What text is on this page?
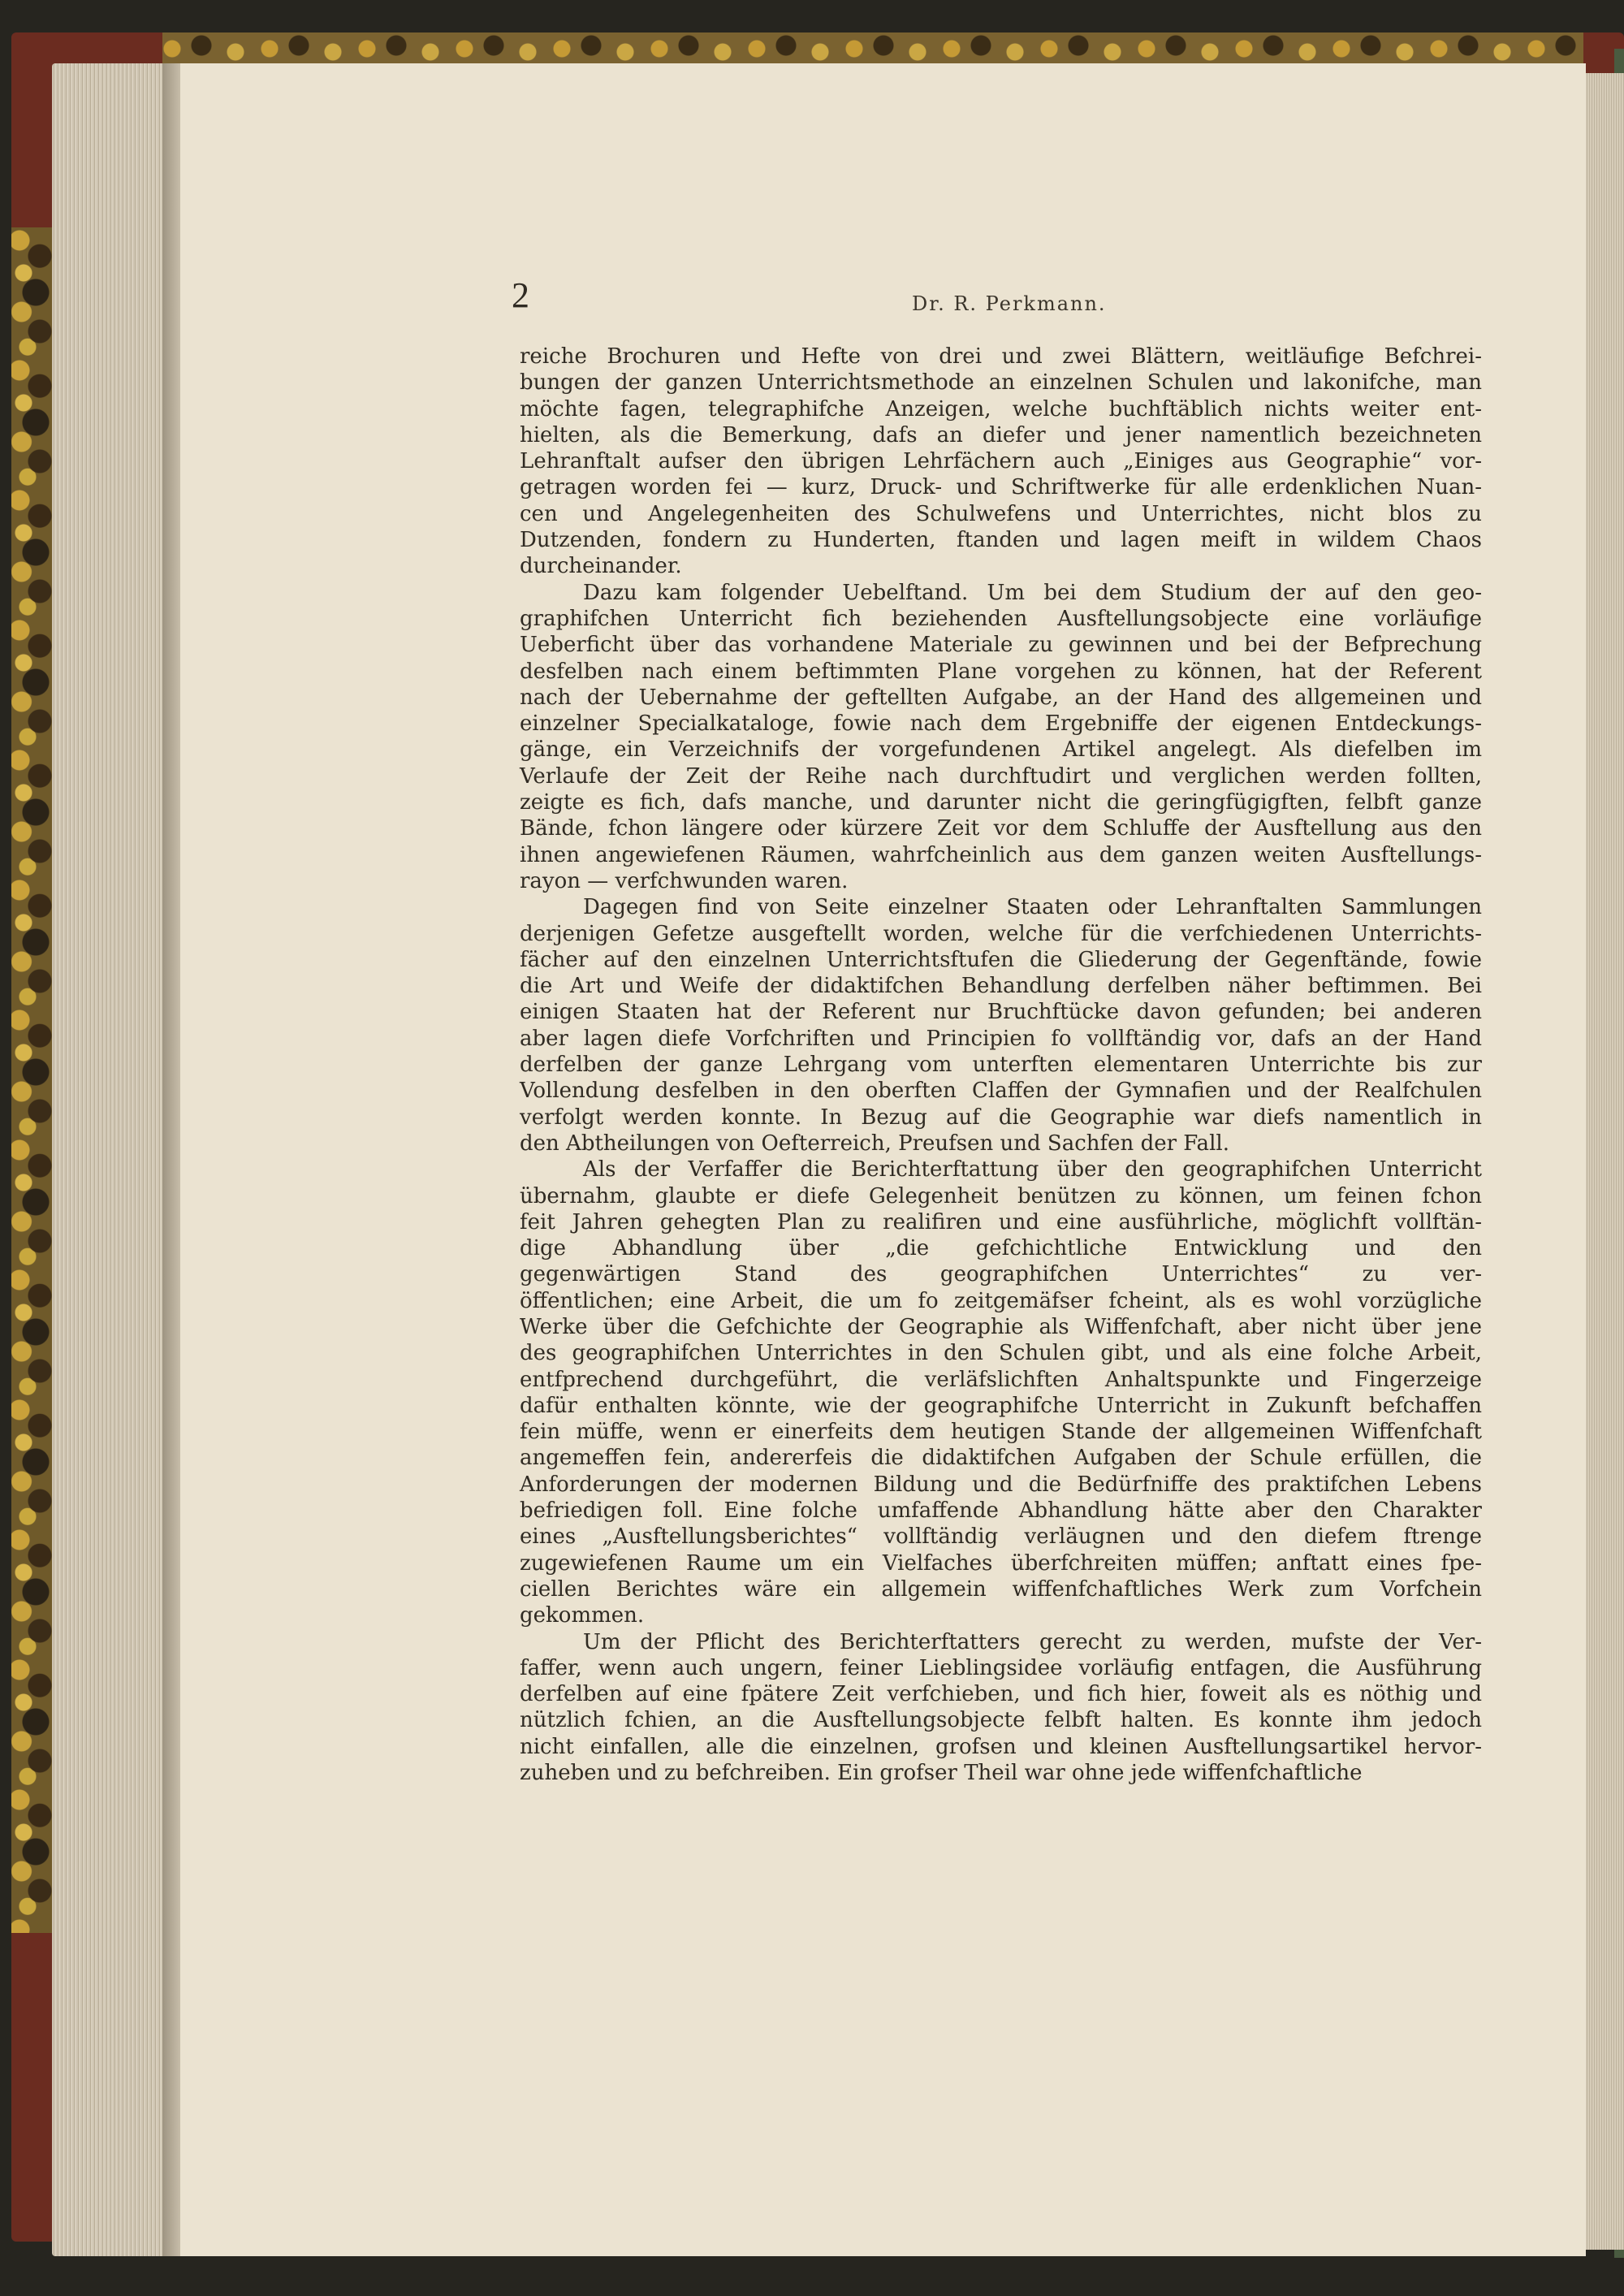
2	Dr. R. Perkmann.
reiche Brochuren und Hefte von drei und zwei Blättern, weitläufige Befchrei-
bungen der ganzen Unterrichtsmethode an einzelnen Schulen und lakonifche, man
möchte fagen, telegraphifche Anzeigen, welche buchftäblich nichts weiter ent-
hielten, als die Bemerkung, dafs an diefer und jener namentlich bezeichneten
Lehranftalt aufser den übrigen Lehrfächern auch „Einiges aus Geographie“ vor-
getragen worden fei — kurz, Druck- und Schriftwerke für alle erdenklichen Nuan-
cen und Angelegenheiten des Schulwefens und Unterrichtes, nicht blos zu
Dutzenden, fondern zu Hunderten, ftanden und lagen meift in wildem Chaos
durcheinander.
Dazu kam folgender Uebelftand. Um bei dem Studium der auf den geo-
graphifchen Unterricht fich beziehenden Ausftellungsobjecte eine vorläufige
Ueberficht über das vorhandene Materiale zu gewinnen und bei der Befprechung
desfelben nach einem beftimmten Plane vorgehen zu können, hat der Referent
nach der Uebernahme der geftellten Aufgabe, an der Hand des allgemeinen und
einzelner Specialkataloge, fowie nach dem Ergebniffe der eigenen Entdeckungs-
gänge, ein Verzeichnifs der vorgefundenen Artikel angelegt. Als diefelben im
Verlaufe der Zeit der Reihe nach durchftudirt und verglichen werden follten,
zeigte es fich, dafs manche, und darunter nicht die geringfügigften, felbft ganze
Bände, fchon längere oder kürzere Zeit vor dem Schluffe der Ausftellung aus den
ihnen angewiefenen Räumen, wahrfcheinlich aus dem ganzen weiten Ausftellungs-
rayon — verfchwunden waren.
Dagegen find von Seite einzelner Staaten oder Lehranftalten Sammlungen
derjenigen Gefetze ausgeftellt worden, welche für die verfchiedenen Unterrichts-
fächer auf den einzelnen Unterrichtsftufen die Gliederung der Gegenftände, fowie
die Art und Weife der didaktifchen Behandlung derfelben näher beftimmen. Bei
einigen Staaten hat der Referent nur Bruchftücke davon gefunden; bei anderen
aber lagen diefe Vorfchriften und Principien fo vollftändig vor, dafs an der Hand
derfelben der ganze Lehrgang vom unterften elementaren Unterrichte bis zur
Vollendung desfelben in den oberften Claffen der Gymnafien und der Realfchulen
verfolgt werden konnte. In Bezug auf die Geographie war diefs namentlich in
den Abtheilungen von Oefterreich, Preufsen und Sachfen der Fall.
Als der Verfaffer die Berichterftattung über den geographifchen Unterricht
übernahm, glaubte er diefe Gelegenheit benützen zu können, um feinen fchon
feit Jahren gehegten Plan zu realifiren und eine ausführliche, möglichft vollftän-
dige Abhandlung über „die gefchichtliche Entwicklung und den
gegenwärtigen Stand des geographifchen Unterrichtes“ zu ver-
öffentlichen; eine Arbeit, die um fo zeitgemäfser fcheint, als es wohl vorzügliche
Werke über die Gefchichte der Geographie als Wiffenfchaft, aber nicht über jene
des geographifchen Unterrichtes in den Schulen gibt, und als eine folche Arbeit,
entfprechend durchgeführt, die verläfslichften Anhaltspunkte und Fingerzeige
dafür enthalten könnte, wie der geographifche Unterricht in Zukunft befchaffen
fein müffe, wenn er einerfeits dem heutigen Stande der allgemeinen Wiffenfchaft
angemeffen fein, andererfeis die didaktifchen Aufgaben der Schule erfüllen, die
Anforderungen der modernen Bildung und die Bedürfniffe des praktifchen Lebens
befriedigen foll. Eine folche umfaffende Abhandlung hätte aber den Charakter
eines „Ausftellungsberichtes“ vollftändig verläugnen und den diefem ftrenge
zugewiefenen Raume um ein Vielfaches überfchreiten müffen; anftatt eines fpe-
ciellen Berichtes wäre ein allgemein wiffenfchaftliches Werk zum Vorfchein
gekommen.
Um der Pflicht des Berichterftatters gerecht zu werden, mufste der Ver-
faffer, wenn auch ungern, feiner Lieblingsidee vorläufig entfagen, die Ausführung
derfelben auf eine fpätere Zeit verfchieben, und fich hier, foweit als es nöthig und
nützlich fchien, an die Ausftellungsobjecte felbft halten. Es konnte ihm jedoch
nicht einfallen, alle die einzelnen, grofsen und kleinen Ausftellungsartikel hervor-
zuheben und zu befchreiben. Ein grofser Theil war ohne jede wiffenfchaftliche
